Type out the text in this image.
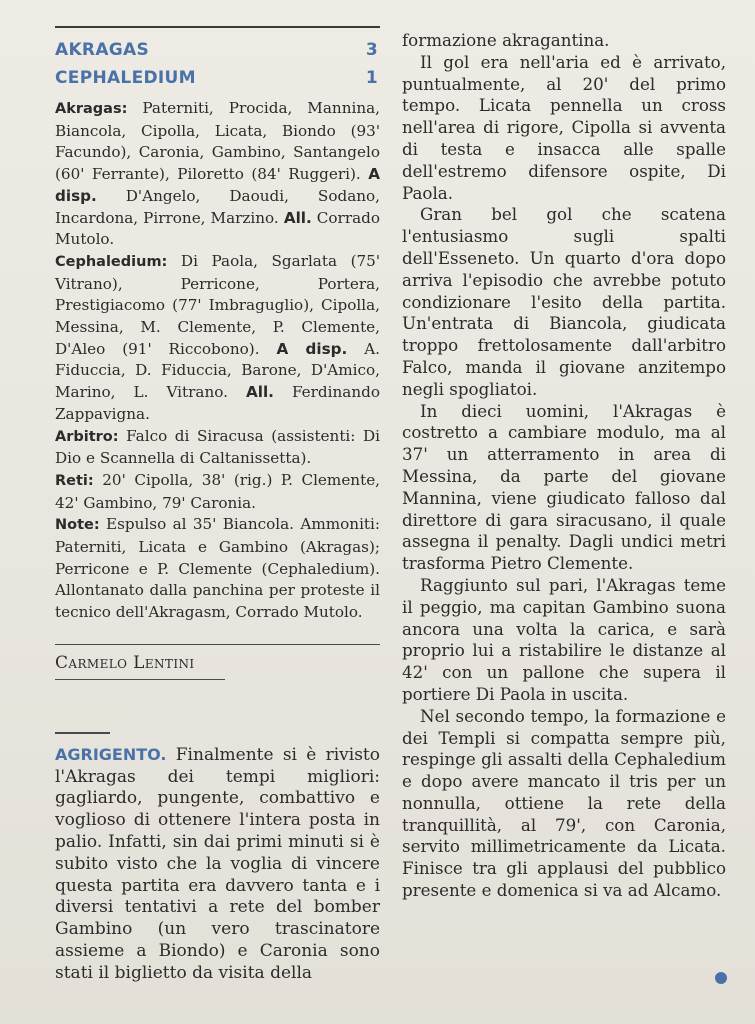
AKRAGAS	3
CEPHALEDIUM	1

Akragas: Paterniti, Procida, Mannina, Biancola, Cipolla, Licata, Biondo (93' Facundo), Caronia, Gambino, Santangelo (60' Ferrante), Piloretto (84' Ruggeri). A disp. D'Angelo, Daoudi, Sodano, Incardona, Pirrone, Marzino. All. Corrado Mutolo.

Cephaledium: Di Paola, Sgarlata (75' Vitrano), Perricone, Portera, Prestigiacomo (77' Imbraguglio), Cipolla, Messina, M. Clemente, P. Clemente, D'Aleo (91' Riccobono). A disp. A. Fiduccia, D. Fiduccia, Barone, D'Amico, Marino, L. Vitrano. All. Ferdinando Zappavigna.

Arbitro: Falco di Siracusa (assistenti: Di Dio e Scannella di Caltanissetta).

Reti: 20' Cipolla, 38' (rig.) P. Clemente, 42' Gambino, 79' Caronia.

Note: Espulso al 35' Biancola. Ammoniti: Paterniti, Licata e Gambino (Akragas); Perricone e P. Clemente (Cephaledium). Allontanato dalla panchina per proteste il tecnico dell'Akragasm, Corrado Mutolo.

Carmelo Lentini

AGRIGENTO. Finalmente si è rivisto l'Akragas dei tempi migliori: gagliardo, pungente, combattivo e voglioso di ottenere l'intera posta in palio. Infatti, sin dai primi minuti si è subito visto che la voglia di vincere questa partita era davvero tanta e i diversi tentativi a rete del bomber Gambino (un vero trascinatore assieme a Biondo) e Caronia sono stati il biglietto da visita della

formazione akragantina.

Il gol era nell'aria ed è arrivato, puntualmente, al 20' del primo tempo. Licata pennella un cross nell'area di rigore, Cipolla si avventa di testa e insacca alle spalle dell'estremo difensore ospite, Di Paola.

Gran bel gol che scatena l'entusiasmo sugli spalti dell'Esseneto. Un quarto d'ora dopo arriva l'episodio che avrebbe potuto condizionare l'esito della partita. Un'entrata di Biancola, giudicata troppo frettolosamente dall'arbitro Falco, manda il giovane anzitempo negli spogliatoi.

In dieci uomini, l'Akragas è costretto a cambiare modulo, ma al 37' un atterramento in area di Messina, da parte del giovane Mannina, viene giudicato falloso dal direttore di gara siracusano, il quale assegna il penalty. Dagli undici metri trasforma Pietro Clemente.

Raggiunto sul pari, l'Akragas teme il peggio, ma capitan Gambino suona ancora una volta la carica, e sarà proprio lui a ristabilire le distanze al 42' con un pallone che supera il portiere Di Paola in uscita.

Nel secondo tempo, la formazione e dei Templi si compatta sempre più, respinge gli assalti della Cephaledium e dopo avere mancato il tris per un nonnulla, ottiene la rete della tranquillità, al 79', con Caronia, servito millimetricamente da Licata. Finisce tra gli applausi del pubblico presente e domenica si va ad Alcamo.
